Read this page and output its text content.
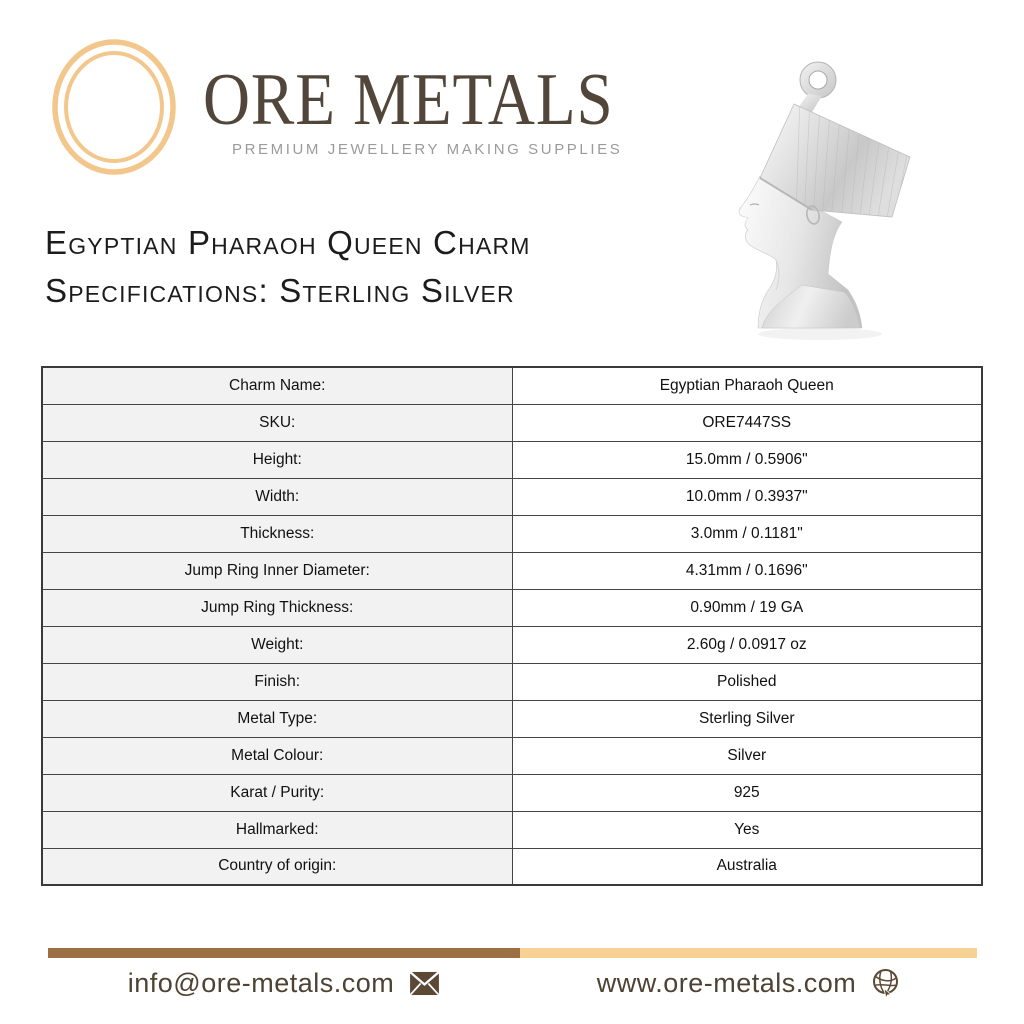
ORE METALS
PREMIUM JEWELLERY MAKING SUPPLIES
Egyptian Pharaoh Queen Charm
Specifications: Sterling Silver
Charm Name:	Egyptian Pharaoh Queen
SKU:	ORE7447SS
Height:	15.0mm / 0.5906"
Width:	10.0mm / 0.3937"
Thickness:	3.0mm / 0.1181"
Jump Ring Inner Diameter:	4.31mm / 0.1696"
Jump Ring Thickness:	0.90mm / 19 GA
Weight:	2.60g / 0.0917 oz
Finish:	Polished
Metal Type:	Sterling Silver
Metal Colour:	Silver
Karat / Purity:	925
Hallmarked:	Yes
Country of origin:	Australia
info@ore-metals.com	www.ore-metals.com
